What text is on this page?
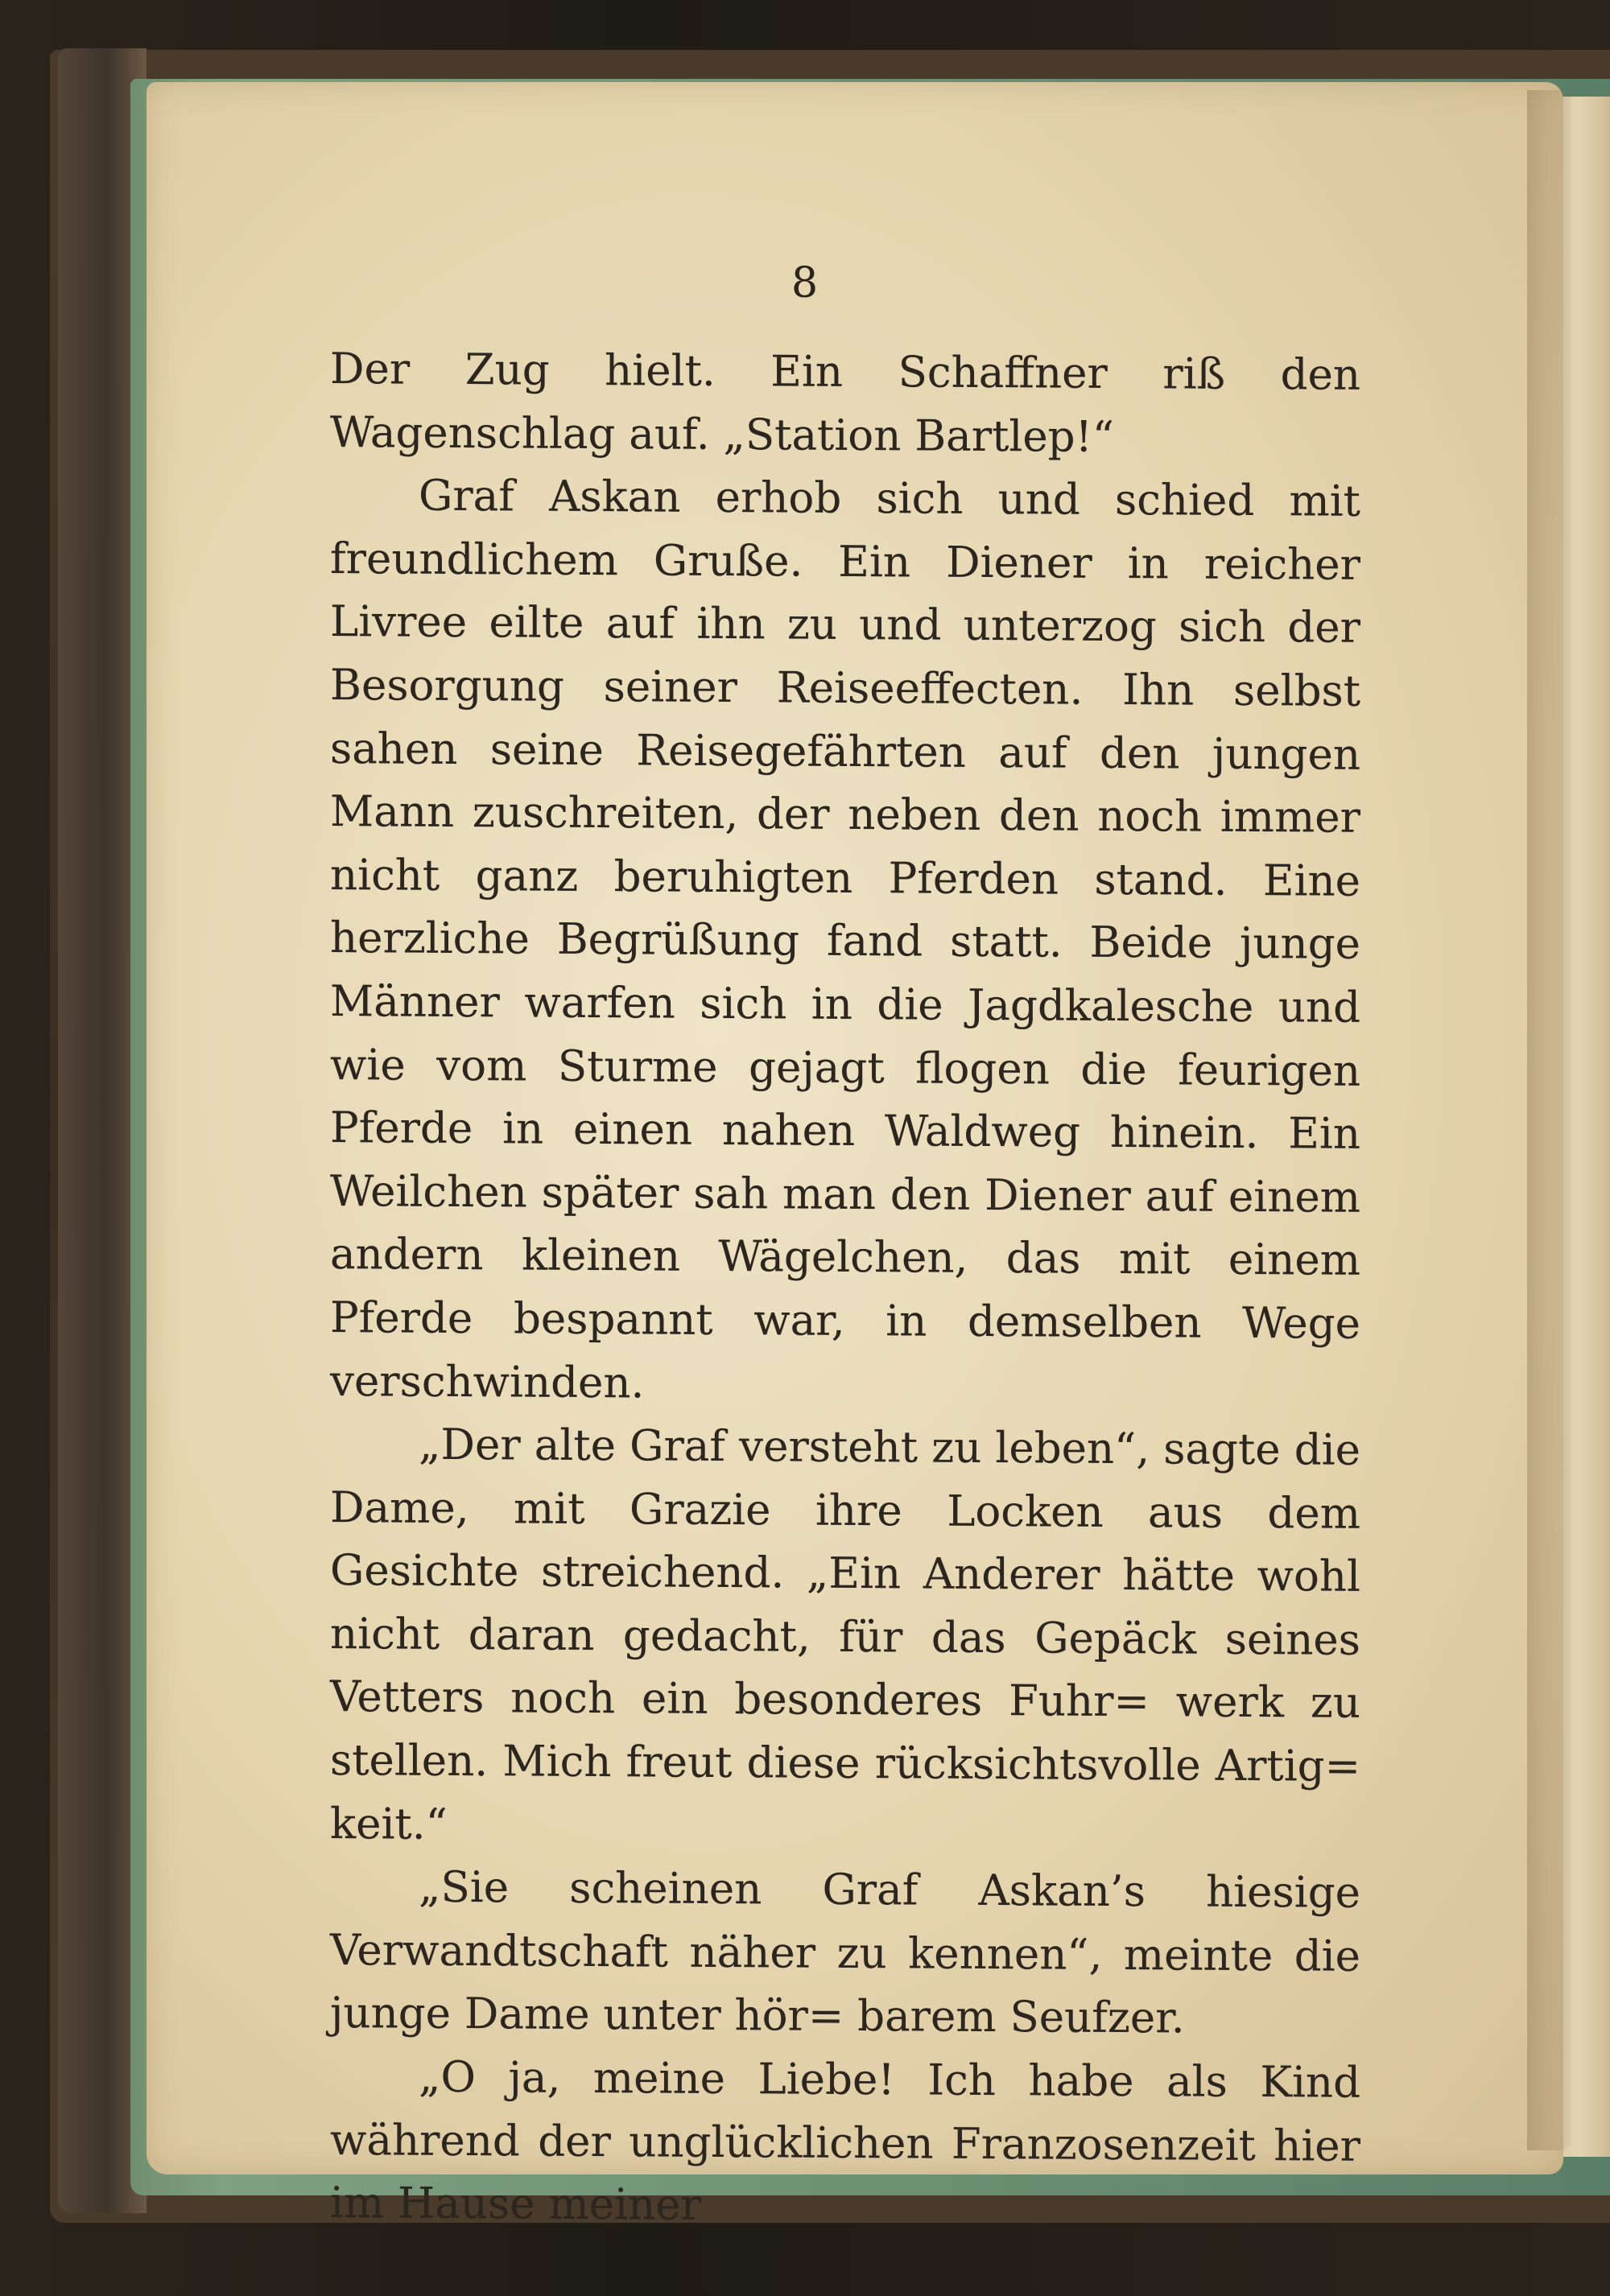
8

Der Zug hielt. Ein Schaffner riß den Wagenschlag auf. „Station Bartlep!“

Graf Askan erhob sich und schied mit freundlichem Gruße. Ein Diener in reicher Livree eilte auf ihn zu und unterzog sich der Besorgung seiner Reiseeffecten. Ihn selbst sahen seine Reisegefährten auf den jungen Mann zuschreiten, der neben den noch immer nicht ganz beruhigten Pferden stand. Eine herzliche Begrüßung fand statt. Beide junge Männer warfen sich in die Jagdkalesche und wie vom Sturme gejagt flogen die feurigen Pferde in einen nahen Waldweg hinein. Ein Weilchen später sah man den Diener auf einem andern kleinen Wägelchen, das mit einem Pferde bespannt war, in demselben Wege verschwinden.

„Der alte Graf versteht zu leben“, sagte die Dame, mit Grazie ihre Locken aus dem Gesichte streichend. „Ein Anderer hätte wohl nicht daran gedacht, für das Gepäck seines Vetters noch ein besonderes Fuhr= werk zu stellen. Mich freut diese rücksichtsvolle Artig= keit.“

„Sie scheinen Graf Askan’s hiesige Verwandtschaft näher zu kennen“, meinte die junge Dame unter hör= barem Seufzer.

„O ja, meine Liebe! Ich habe als Kind während der unglücklichen Franzosenzeit hier im Hause meiner
